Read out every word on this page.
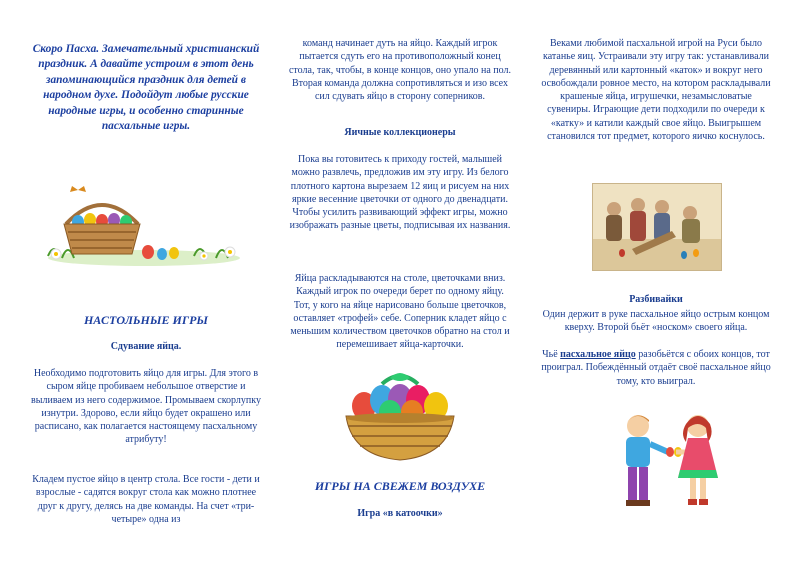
Скоро Пасха. Замечательный христианский праздник. А давайте устроим в этот день запоминающийся праздник для детей в народном духе. Подойдут любые русские народные игры, и особенно старинные пасхальные игры.
НАСТОЛЬНЫЕ ИГРЫ
Сдувание яйца.

Необходимо подготовить яйцо для игры. Для этого в сыром яйце пробиваем небольшое отверстие и выливаем из него содержимое. Промываем скорлупку изнутри. Здорово, если яйцо будет окрашено или расписано, как полагается настоящему пасхальному атрибуту!

Кладем пустое яйцо в центр стола. Все гости - дети и взрослые - садятся вокруг стола как можно плотнее друг к другу, делясь на две команды. На счет «три-четыре» одна из

команд начинает дуть на яйцо. Каждый игрок пытается сдуть его на противоположный конец стола, так, чтобы, в конце концов, оно упало на пол. Вторая команда должна сопротивляться и изо всех сил сдувать яйцо в сторону соперников.

Яичные коллекционеры

Пока вы готовитесь к приходу гостей, малышей можно развлечь, предложив им эту игру. Из белого плотного картона вырезаем 12 яиц и рисуем на них яркие весенние цветочки от одного до двенадцати. Чтобы усилить развивающий эффект игры, можно изображать разные цветы, подписывая их названия.

Яйца раскладываются на столе, цветочками вниз. Каждый игрок по очереди берет по одному яйцу. Тот, у кого на яйце нарисовано больше цветочков, оставляет «трофей» себе. Соперник кладет яйцо с меньшим количеством цветочков обратно на стол и перемешивает яйца-карточки.

ИГРЫ НА СВЕЖЕМ ВОЗДУХЕ
Игра «в катоочки»

Веками любимой пасхальной игрой на Руси было катанье яиц. Устраивали эту игру так: устанавливали деревянный или картонный «каток» и вокруг него освобождали ровное место, на котором раскладывали крашеные яйца, игрушечки, незамысловатые сувениры. Играющие дети подходили по очереди к «катку» и катили каждый свое яйцо. Выигрышем становился тот предмет, которого яичко коснулось.

Разбивайки

Один держит в руке пасхальное яйцо острым концом кверху. Второй бьёт «носком» своего яйца.

Чьё пасхальное яйцо разобьётся с обоих концов, тот проиграл. Побеждённый отдаёт своё пасхальное яйцо тому, кто выиграл.
